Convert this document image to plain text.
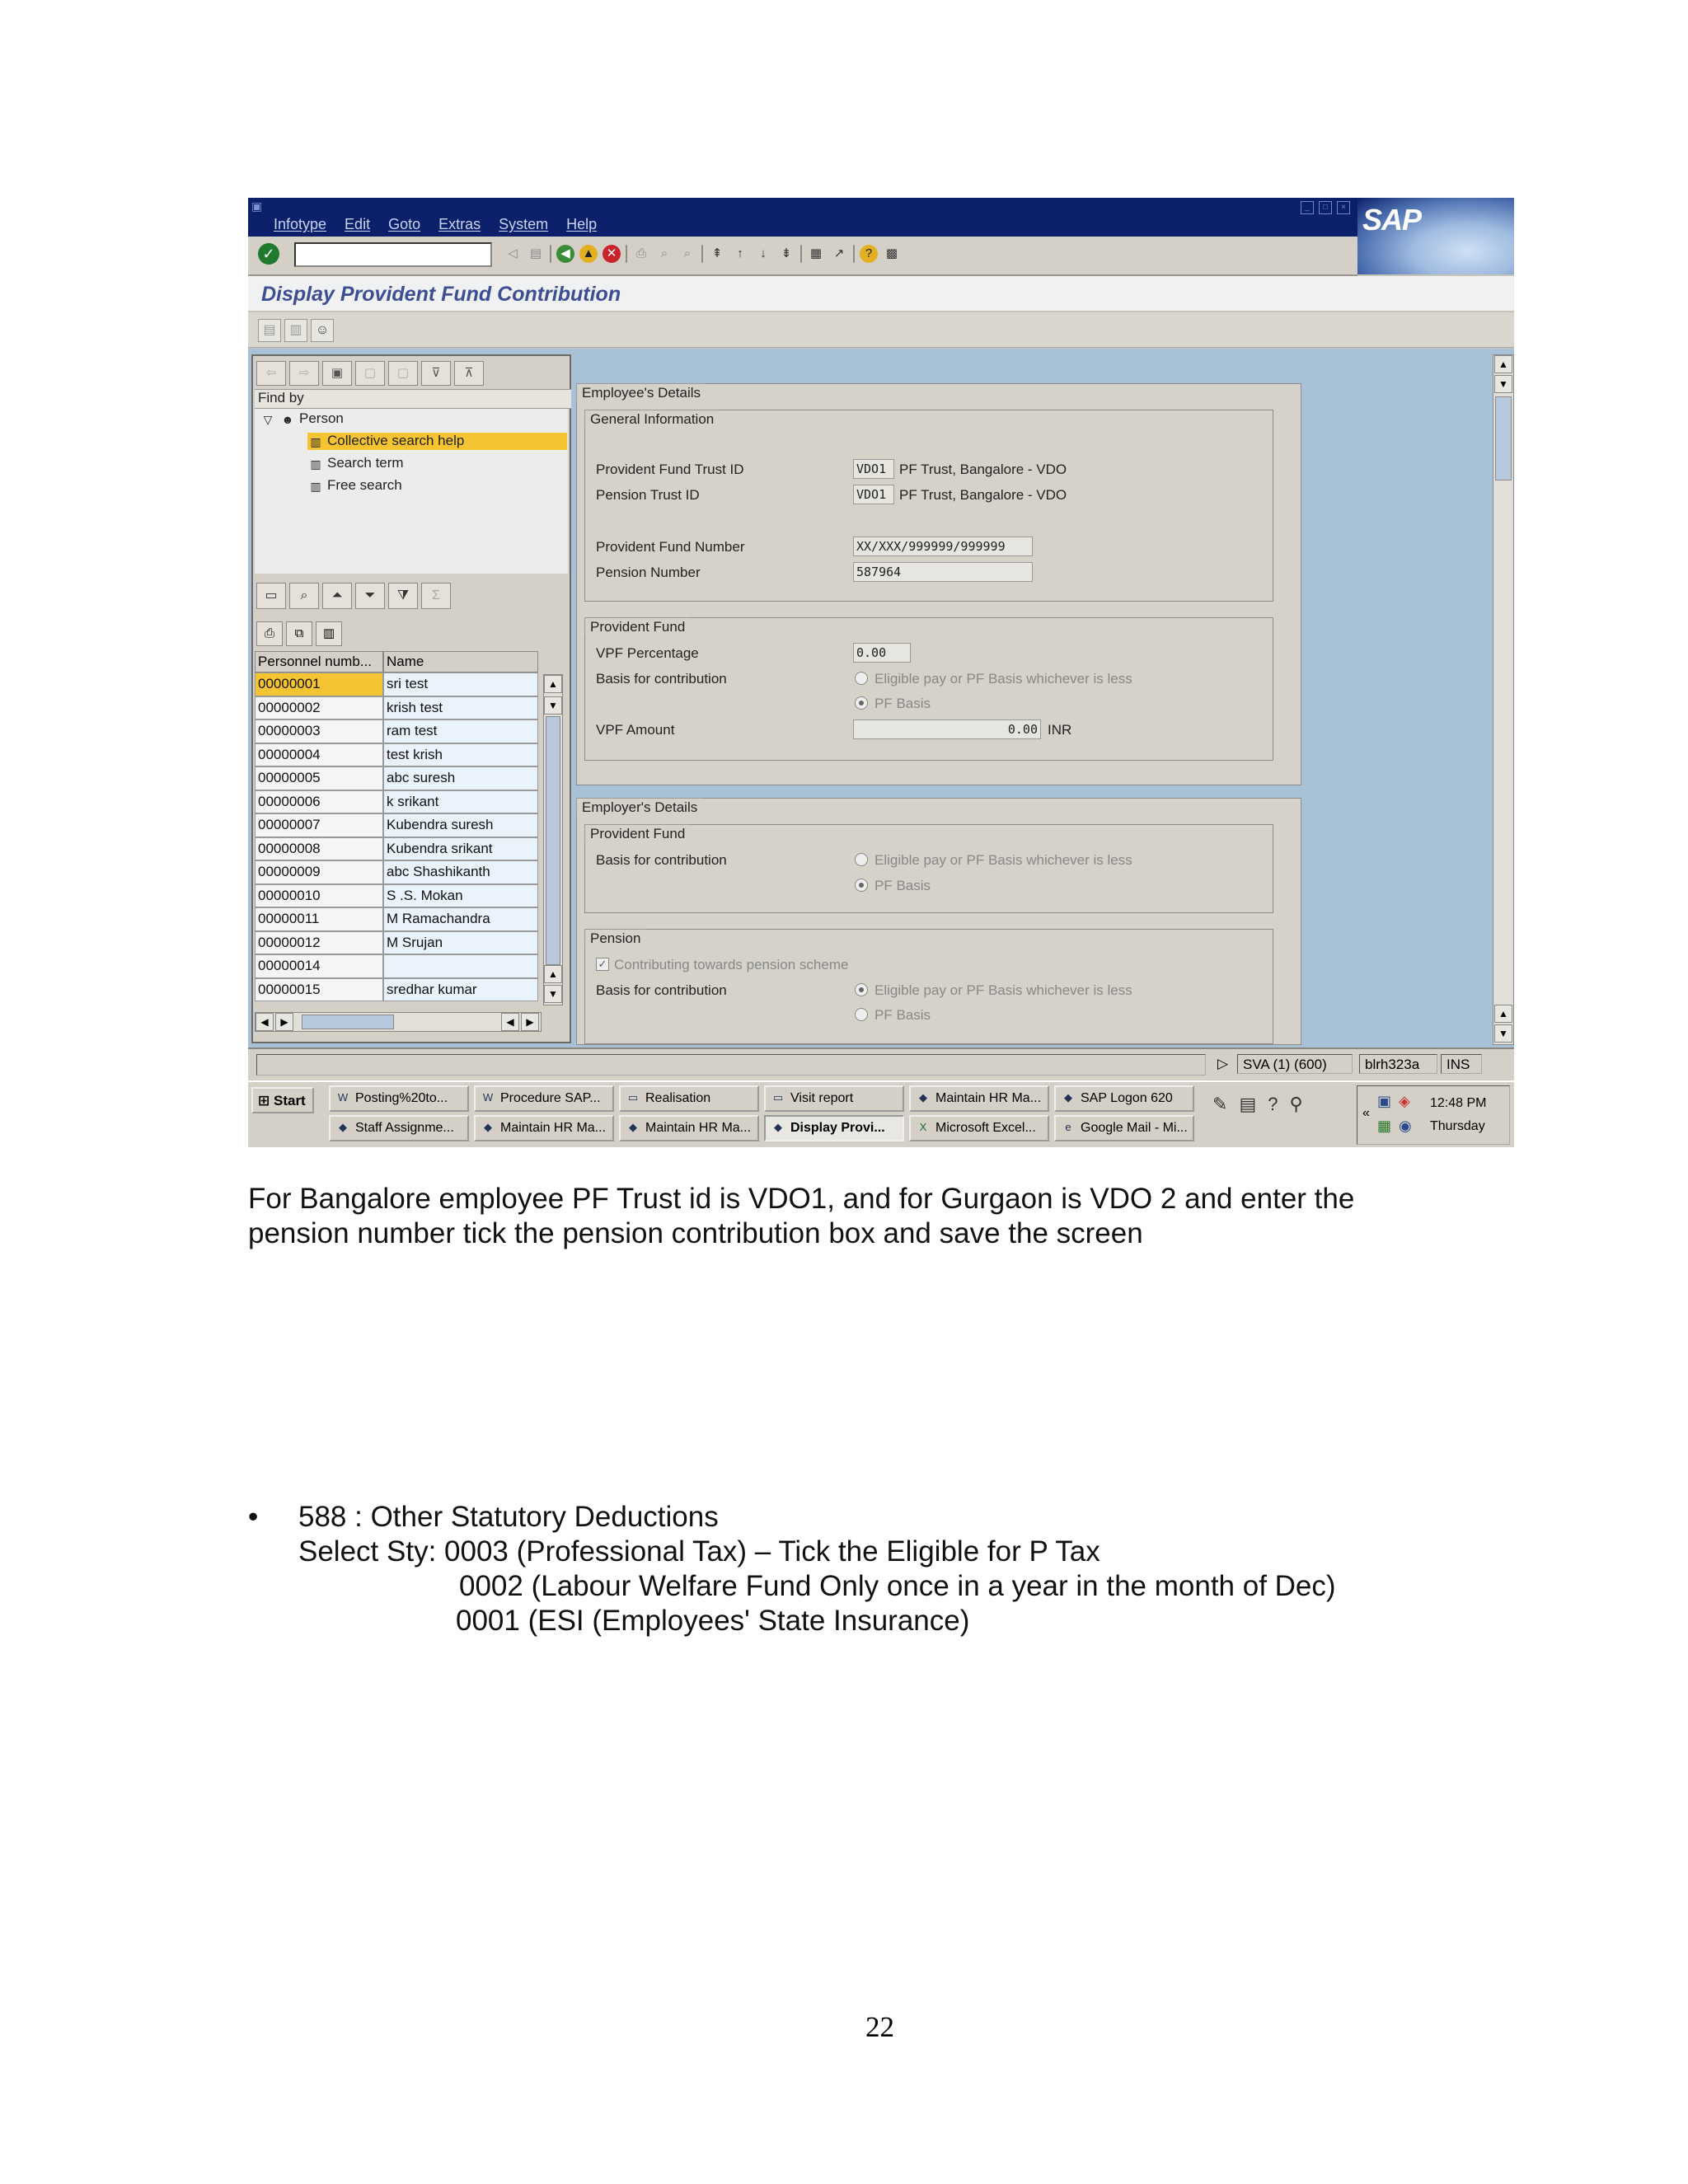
▣
Infotype Edit Goto Extras System Help
_	□	× SAP
✓	◁	▤	◀ ▲ ✕	⎙	⌕	⌕	⇞	↑	↓	⇟	▦ ↗	?	▩
Display Provident Fund Contribution
▤	▥	☺
⇦	⇨	▣	▢	▢	⊽	⊼
Find by
▽ ☻ Person
▥ Collective search help
▥ Search term
▥ Free search
▭	⌕	⏶	⏷	⧩	Σ
⎙	⧉	▥
Personnel numb...	Name
00000001	sri test
00000002	krish test
00000003	ram test
00000004	test krish
00000005	abc suresh
00000006	k srikant
00000007	Kubendra suresh
00000008	Kubendra srikant
00000009	abc Shashikanth
00000010	S .S. Mokan
00000011	M Ramachandra
00000012	M Srujan
00000014
00000015	sredhar kumar
▲
▼
▲
▼
◀	▶	◀	▶
Employee's Details
General Information
Provident Fund Trust ID	VDO1 PF Trust, Bangalore - VDO
Pension Trust ID	VDO1 PF Trust, Bangalore - VDO
Provident Fund Number	XX/XXX/999999/999999
Pension Number	587964
Provident Fund
VPF Percentage	0.00
Basis for contribution	Eligible pay or PF Basis whichever is less
PF Basis
VPF Amount	0.00 INR
Employer's Details
Provident Fund
Basis for contribution	Eligible pay or PF Basis whichever is less
PF Basis
Pension
✓ Contributing towards pension scheme
Basis for contribution	Eligible pay or PF Basis whichever is less
PF Basis
▲
▼
▲
▼
▷	SVA (1) (600)	blrh323a	INS
⊞ Start	W Posting%20to...	W Procedure SAP...	▭ Realisation	▭ Visit report	◆ Maintain HR Ma...	◆ SAP Logon 620
◆ Staff Assignme...	◆ Maintain HR Ma...	◆ Maintain HR Ma...	◆ Display Provi...	X Microsoft Excel...	e Google Mail - Mi...
✎ ▤ ? ⚲	«
▣ ◈
▦ ◉
12:48 PM
Thursday
For Bangalore employee PF Trust id is VDO1, and for Gurgaon is VDO 2 and enter the
pension number tick the pension contribution box and save the screen
• 588 : Other Statutory Deductions
Select Sty: 0003 (Professional Tax) – Tick the Eligible for P Tax
0002 (Labour Welfare Fund Only once in a year in the month of Dec)
0001 (ESI (Employees' State Insurance)
22
